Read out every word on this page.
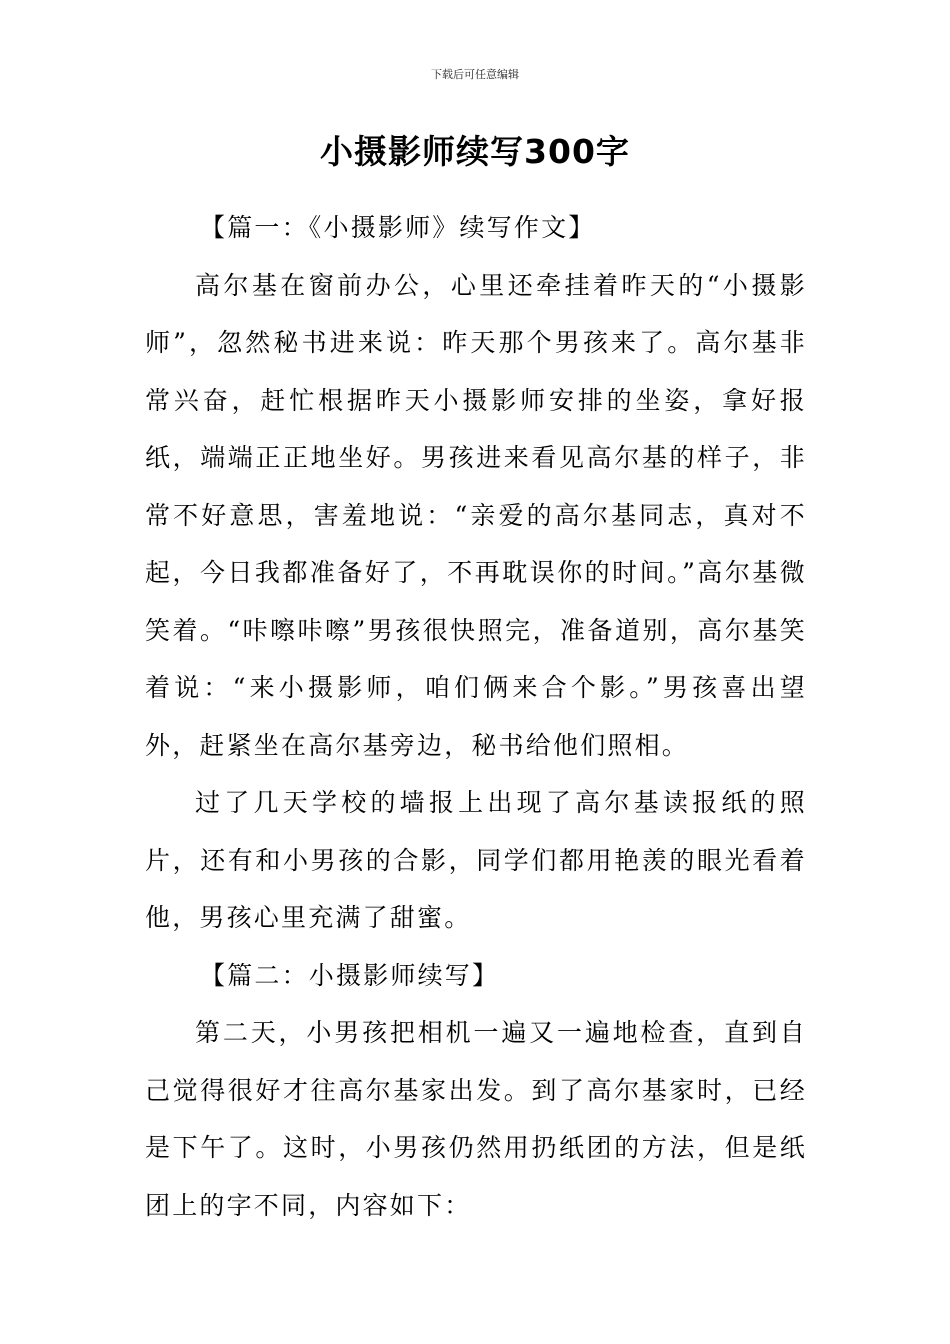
下载后可任意编辑
小摄影师续写300字

【篇一：《小摄影师》续写作文】

高尔基在窗前办公，心里还牵挂着昨天的“小摄影师”，忽然秘书进来说：昨天那个男孩来了。高尔基非常兴奋，赶忙根据昨天小摄影师安排的坐姿，拿好报纸，端端正正地坐好。男孩进来看见高尔基的样子，非常不好意思，害羞地说：“亲爱的高尔基同志，真对不起，今日我都准备好了，不再耽误你的时间。”高尔基微笑着。“咔嚓咔嚓”男孩很快照完，准备道别，高尔基笑着说：“来小摄影师，咱们俩来合个影。”男孩喜出望外，赶紧坐在高尔基旁边，秘书给他们照相。

过了几天学校的墙报上出现了高尔基读报纸的照片，还有和小男孩的合影，同学们都用艳羡的眼光看着他，男孩心里充满了甜蜜。

【篇二：小摄影师续写】

第二天，小男孩把相机一遍又一遍地检查，直到自己觉得很好才往高尔基家出发。到了高尔基家时，已经是下午了。这时，小男孩仍然用扔纸团的方法，但是纸团上的字不同，内容如下：
